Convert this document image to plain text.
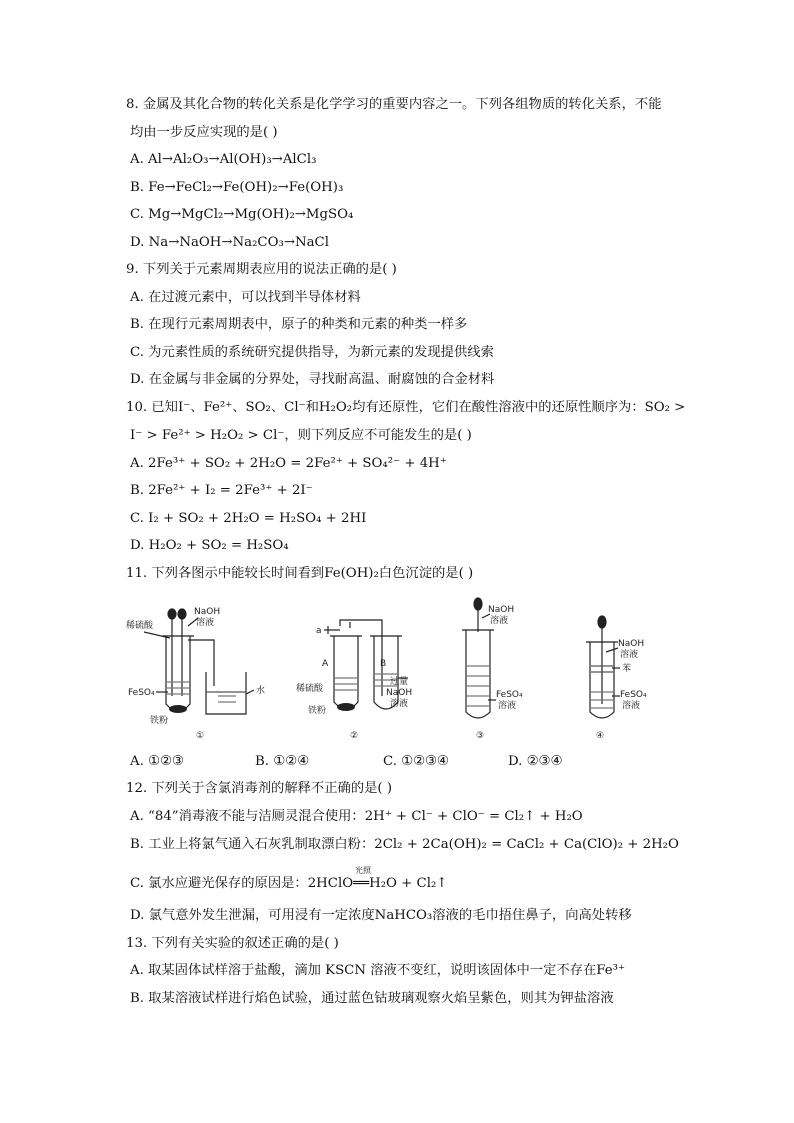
8. 金属及其化合物的转化关系是化学学习的重要内容之一。下列各组物质的转化关系，不能
均由一步反应实现的是( )
A. Al→Al₂O₃→Al(OH)₃→AlCl₃
B. Fe→FeCl₂→Fe(OH)₂→Fe(OH)₃
C. Mg→MgCl₂→Mg(OH)₂→MgSO₄
D. Na→NaOH→Na₂CO₃→NaCl
9. 下列关于元素周期表应用的说法正确的是( )
A. 在过渡元素中，可以找到半导体材料
B. 在现行元素周期表中，原子的种类和元素的种类一样多
C. 为元素性质的系统研究提供指导，为新元素的发现提供线索
D. 在金属与非金属的分界处，寻找耐高温、耐腐蚀的合金材料
10. 已知I⁻、Fe²⁺、SO₂、Cl⁻和H₂O₂均有还原性，它们在酸性溶液中的还原性顺序为：SO₂ >
I⁻ > Fe²⁺ > H₂O₂ > Cl⁻，则下列反应不可能发生的是( )
A. 2Fe³⁺ + SO₂ + 2H₂O = 2Fe²⁺ + SO₄²⁻ + 4H⁺
B. 2Fe²⁺ + I₂ = 2Fe³⁺ + 2I⁻
C. I₂ + SO₂ + 2H₂O = H₂SO₄ + 2HI
D. H₂O₂ + SO₂ = H₂SO₄
11. 下列各图示中能较长时间看到Fe(OH)₂白色沉淀的是( )
稀硫酸
NaOH
溶液
FeSO₄	水
铁粉
①
a
A	B
稀硫酸
铁粉
过量
NaOH
溶液
②
NaOH
溶液
FeSO₄
溶液
③
NaOH
溶液
苯
FeSO₄
溶液
④
A. ①②③	B. ①②④	C. ①②③④	D. ②③④
12. 下列关于含氯消毒剂的解释不正确的是( )
A. “84”消毒液不能与洁厕灵混合使用：2H⁺ + Cl⁻ + ClO⁻ = Cl₂↑ + H₂O
B. 工业上将氯气通入石灰乳制取漂白粉：2Cl₂ + 2Ca(OH)₂ = CaCl₂ + Ca(ClO)₂ + 2H₂O
光照
C. 氯水应避光保存的原因是：2HClO══H₂O + Cl₂↑
D. 氯气意外发生泄漏，可用浸有一定浓度NaHCO₃溶液的毛巾捂住鼻子，向高处转移
13. 下列有关实验的叙述正确的是( )
A. 取某固体试样溶于盐酸，滴加 KSCN 溶液不变红，说明该固体中一定不存在Fe³⁺
B. 取某溶液试样进行焰色试验，通过蓝色钴玻璃观察火焰呈紫色，则其为钾盐溶液
